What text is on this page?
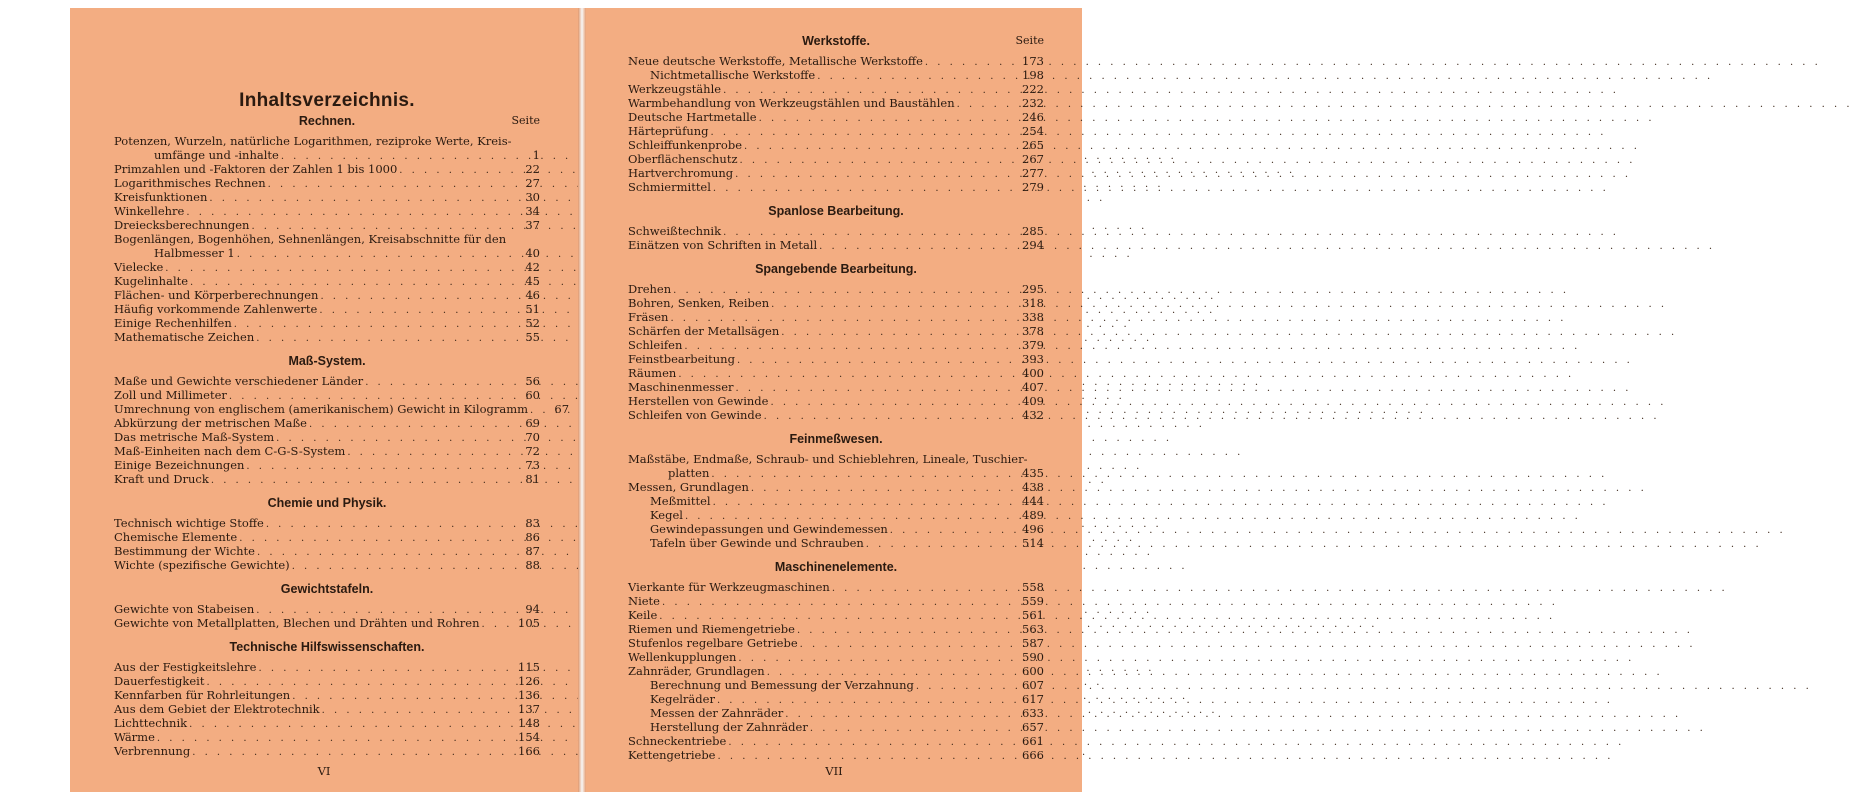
Inhaltsverzeichnis.
Rechnen.	Seite
Potenzen, Wurzeln, natürliche Logarithmen, reziproke Werte, Kreis-
umfänge und -inhalte . . .	1
Primzahlen und -Faktoren der Zahlen 1 bis 1000 . . .	22
Logarithmisches Rechnen . . .	27
Kreisfunktionen . . .	30
Winkellehre . . .	34
Dreiecksberechnungen . . .	37
Bogenlängen, Bogenhöhen, Sehnenlängen, Kreisabschnitte für den
Halbmesser 1 . . .	40
Vielecke . . .	42
Kugelinhalte . . .	45
Flächen- und Körperberechnungen . . .	46
Häufig vorkommende Zahlenwerte . . .	51
Einige Rechenhilfen . . .	52
Mathematische Zeichen . . .	55
Maß-System.
Maße und Gewichte verschiedener Länder . . .	56
Zoll und Millimeter . . .	60
Umrechnung von englischem (amerikanischem) Gewicht in Kilogramm . . .	67
Abkürzung der metrischen Maße . . .	69
Das metrische Maß-System . . .	70
Maß-Einheiten nach dem C-G-S-System . . .	72
Einige Bezeichnungen . . .	73
Kraft und Druck . . .	81
Chemie und Physik.
Technisch wichtige Stoffe . . .	83
Chemische Elemente . . .	86
Bestimmung der Wichte . . .	87
Wichte (spezifische Gewichte) . . .	88
Gewichtstafeln.
Gewichte von Stabeisen . . .	94
Gewichte von Metallplatten, Blechen und Drähten und Rohren . . .	105
Technische Hilfswissenschaften.
Aus der Festigkeitslehre . . .	115
Dauerfestigkeit . . .	126
Kennfarben für Rohrleitungen . . .	136
Aus dem Gebiet der Elektrotechnik . . .	137
Lichttechnik . . .	148
Wärme . . .	154
Verbrennung . . .	166
VI
Werkstoffe.	Seite
Neue deutsche Werkstoffe, Metallische Werkstoffe . . .	173
Nichtmetallische Werkstoffe . . .	198
Werkzeugstähle . . .	222
Warmbehandlung von Werkzeugstählen und Baustählen . . .	232
Deutsche Hartmetalle . . .	246
Härteprüfung . . .	254
Schleiffunkenprobe . . .	265
Oberflächenschutz . . .	267
Hartverchromung . . .	277
Schmiermittel . . .	279
Spanlose Bearbeitung.
Schweißtechnik . . .	285
Einätzen von Schriften in Metall . . .	294
Spangebende Bearbeitung.
Drehen . . .	295
Bohren, Senken, Reiben . . .	318
Fräsen . . .	338
Schärfen der Metallsägen . . .	378
Schleifen . . .	379
Feinstbearbeitung . . .	393
Räumen . . .	400
Maschinenmesser . . .	407
Herstellen von Gewinde . . .	409
Schleifen von Gewinde . . .	432
Feinmeßwesen.
Maßstäbe, Endmaße, Schraub- und Schieblehren, Lineale, Tuschier-
platten . . .	435
Messen, Grundlagen . . .	438
Meßmittel . . .	444
Kegel . . .	489
Gewindepassungen und Gewindemessen . . .	496
Tafeln über Gewinde und Schrauben . . .	514
Maschinenelemente.
Vierkante für Werkzeugmaschinen . . .	558
Niete . . .	559
Keile . . .	561
Riemen und Riemengetriebe . . .	563
Stufenlos regelbare Getriebe . . .	587
Wellenkupplungen . . .	590
Zahnräder, Grundlagen . . .	600
Berechnung und Bemessung der Verzahnung . . .	607
Kegelräder . . .	617
Messen der Zahnräder . . .	633
Herstellung der Zahnräder . . .	657
Schneckentriebe . . .	661
Kettengetriebe . . .	666
VII
